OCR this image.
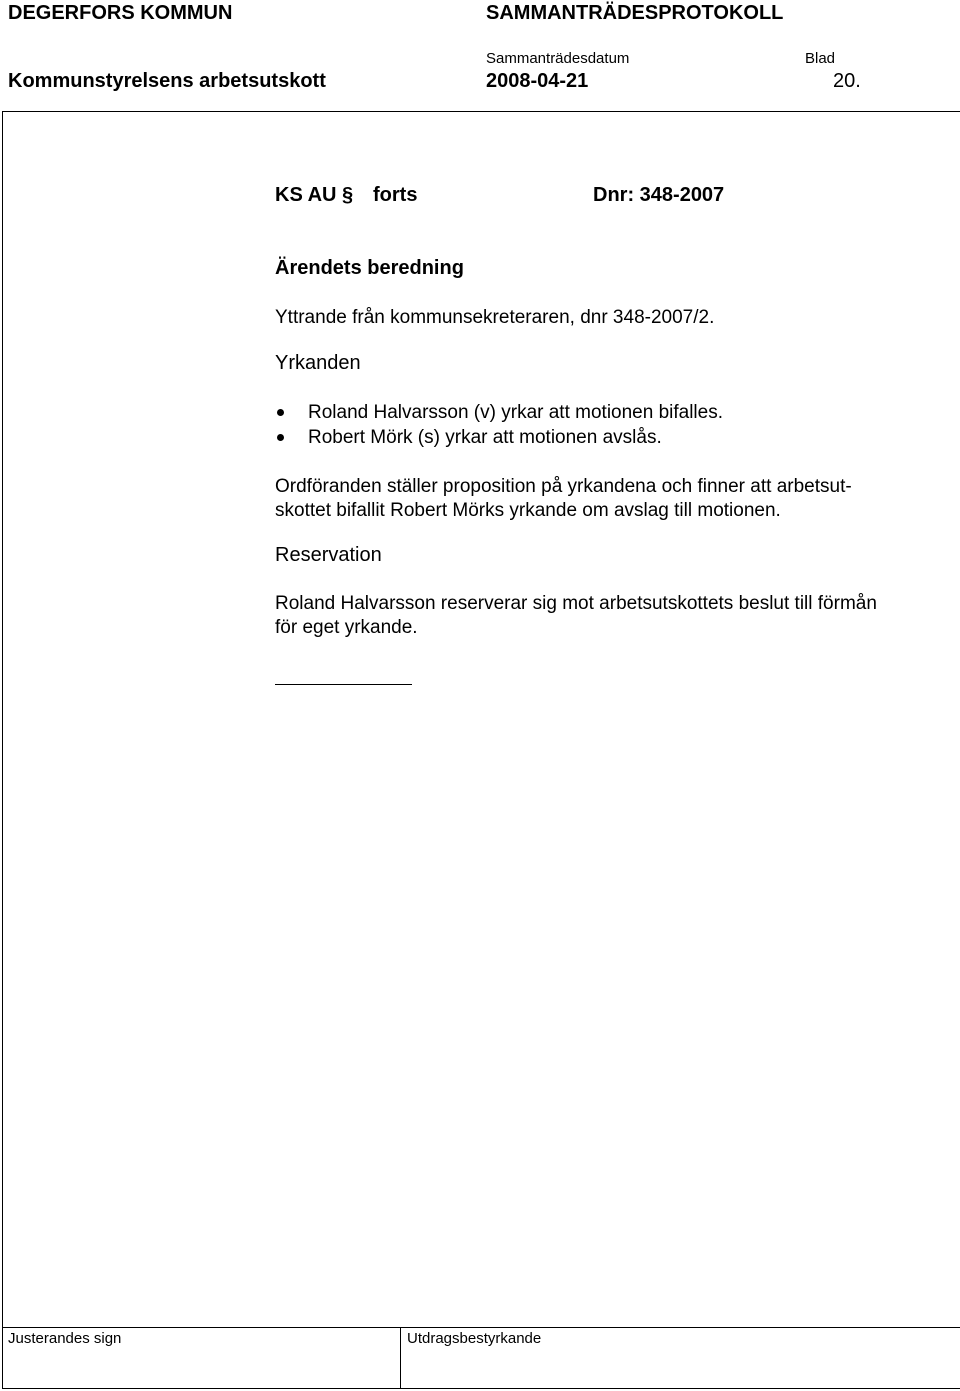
DEGERFORS KOMMUN	SAMMANTRÄDESPROTOKOLL
Sammanträdesdatum	Blad
Kommunstyrelsens arbetsutskott	2008-04-21	20.
KS AU § forts	Dnr: 348-2007
Ärendets beredning
Yttrande från kommunsekreteraren, dnr 348-2007/2.
Yrkanden
Roland Halvarsson (v) yrkar att motionen bifalles.
Robert Mörk (s) yrkar att motionen avslås.
Ordföranden ställer proposition på yrkandena och finner att arbetsut-
skottet bifallit Robert Mörks yrkande om avslag till motionen.
Reservation
Roland Halvarsson reserverar sig mot arbetsutskottets beslut till förmån
för eget yrkande.
Justerandes sign	Utdragsbestyrkande
